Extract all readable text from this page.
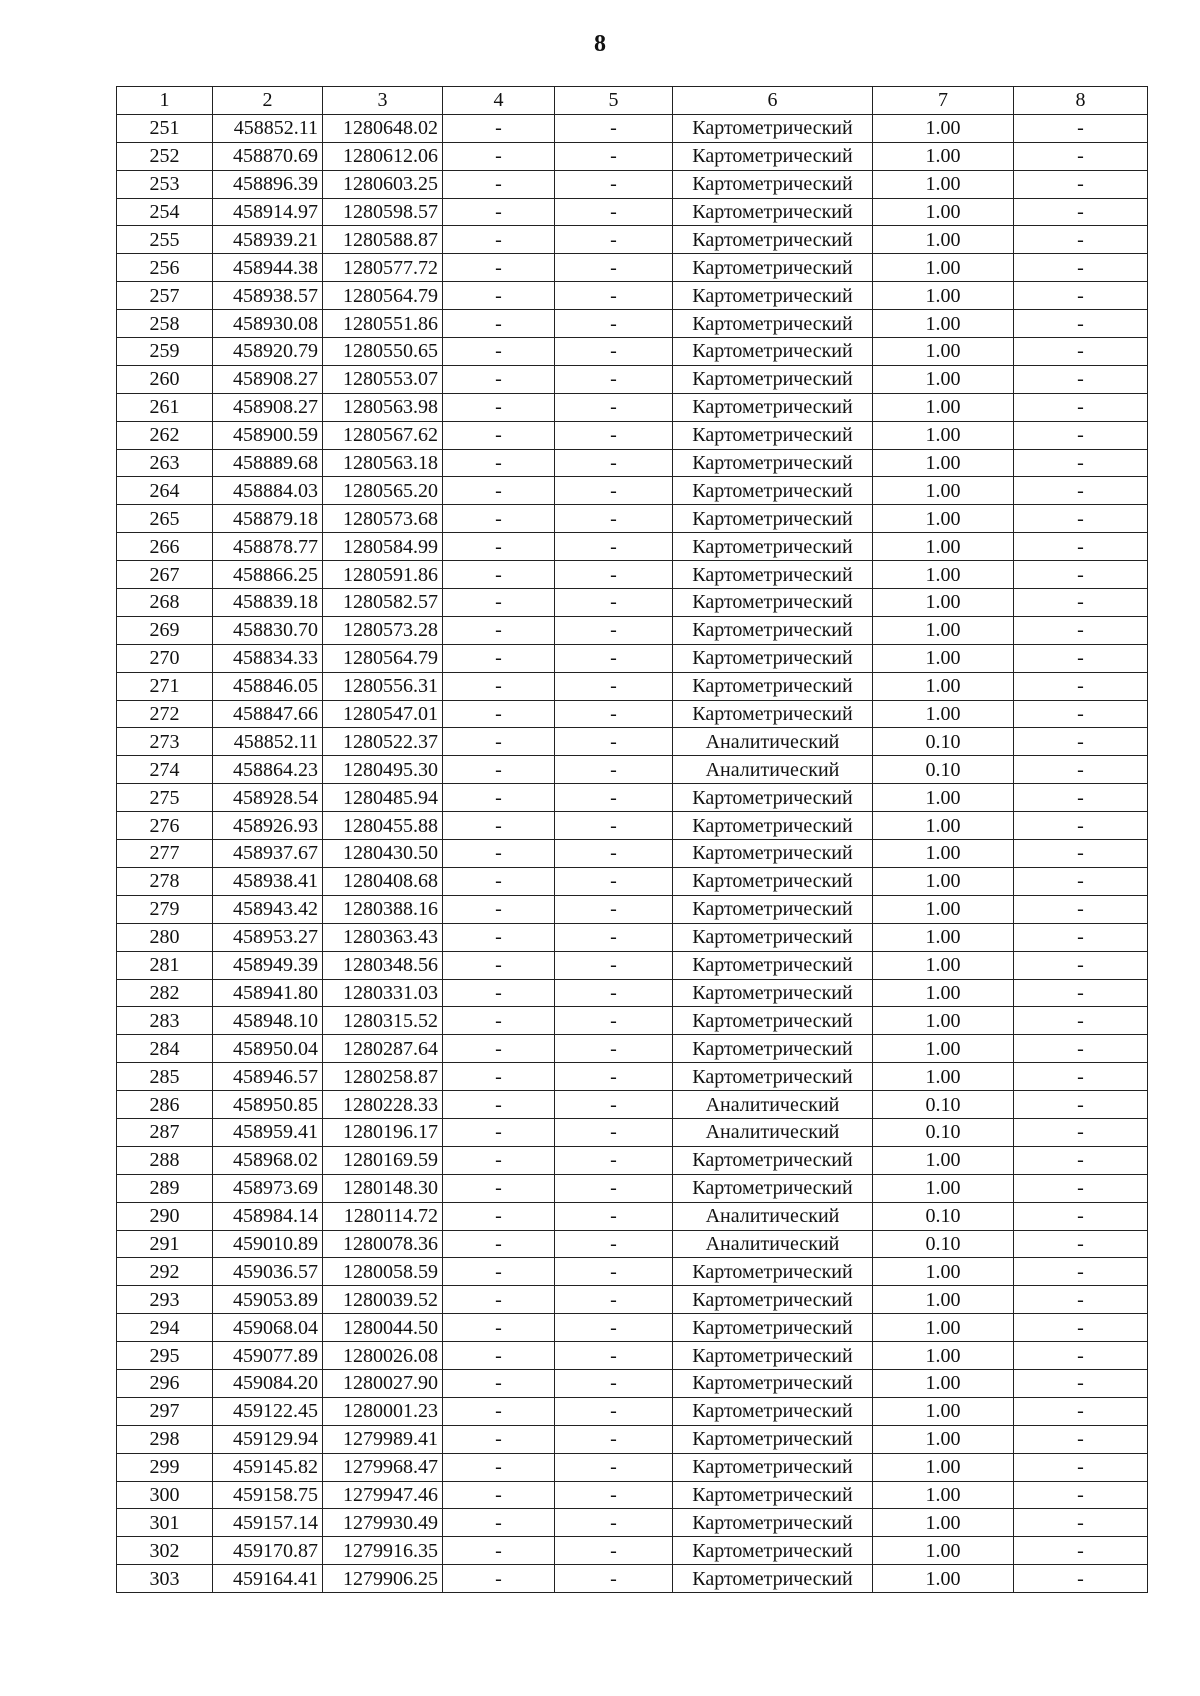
8
1	2	3	4	5	6	7	8
251	458852.11	1280648.02	-	-	Картометрический	1.00	-
252	458870.69	1280612.06	-	-	Картометрический	1.00	-
253	458896.39	1280603.25	-	-	Картометрический	1.00	-
254	458914.97	1280598.57	-	-	Картометрический	1.00	-
255	458939.21	1280588.87	-	-	Картометрический	1.00	-
256	458944.38	1280577.72	-	-	Картометрический	1.00	-
257	458938.57	1280564.79	-	-	Картометрический	1.00	-
258	458930.08	1280551.86	-	-	Картометрический	1.00	-
259	458920.79	1280550.65	-	-	Картометрический	1.00	-
260	458908.27	1280553.07	-	-	Картометрический	1.00	-
261	458908.27	1280563.98	-	-	Картометрический	1.00	-
262	458900.59	1280567.62	-	-	Картометрический	1.00	-
263	458889.68	1280563.18	-	-	Картометрический	1.00	-
264	458884.03	1280565.20	-	-	Картометрический	1.00	-
265	458879.18	1280573.68	-	-	Картометрический	1.00	-
266	458878.77	1280584.99	-	-	Картометрический	1.00	-
267	458866.25	1280591.86	-	-	Картометрический	1.00	-
268	458839.18	1280582.57	-	-	Картометрический	1.00	-
269	458830.70	1280573.28	-	-	Картометрический	1.00	-
270	458834.33	1280564.79	-	-	Картометрический	1.00	-
271	458846.05	1280556.31	-	-	Картометрический	1.00	-
272	458847.66	1280547.01	-	-	Картометрический	1.00	-
273	458852.11	1280522.37	-	-	Аналитический	0.10	-
274	458864.23	1280495.30	-	-	Аналитический	0.10	-
275	458928.54	1280485.94	-	-	Картометрический	1.00	-
276	458926.93	1280455.88	-	-	Картометрический	1.00	-
277	458937.67	1280430.50	-	-	Картометрический	1.00	-
278	458938.41	1280408.68	-	-	Картометрический	1.00	-
279	458943.42	1280388.16	-	-	Картометрический	1.00	-
280	458953.27	1280363.43	-	-	Картометрический	1.00	-
281	458949.39	1280348.56	-	-	Картометрический	1.00	-
282	458941.80	1280331.03	-	-	Картометрический	1.00	-
283	458948.10	1280315.52	-	-	Картометрический	1.00	-
284	458950.04	1280287.64	-	-	Картометрический	1.00	-
285	458946.57	1280258.87	-	-	Картометрический	1.00	-
286	458950.85	1280228.33	-	-	Аналитический	0.10	-
287	458959.41	1280196.17	-	-	Аналитический	0.10	-
288	458968.02	1280169.59	-	-	Картометрический	1.00	-
289	458973.69	1280148.30	-	-	Картометрический	1.00	-
290	458984.14	1280114.72	-	-	Аналитический	0.10	-
291	459010.89	1280078.36	-	-	Аналитический	0.10	-
292	459036.57	1280058.59	-	-	Картометрический	1.00	-
293	459053.89	1280039.52	-	-	Картометрический	1.00	-
294	459068.04	1280044.50	-	-	Картометрический	1.00	-
295	459077.89	1280026.08	-	-	Картометрический	1.00	-
296	459084.20	1280027.90	-	-	Картометрический	1.00	-
297	459122.45	1280001.23	-	-	Картометрический	1.00	-
298	459129.94	1279989.41	-	-	Картометрический	1.00	-
299	459145.82	1279968.47	-	-	Картометрический	1.00	-
300	459158.75	1279947.46	-	-	Картометрический	1.00	-
301	459157.14	1279930.49	-	-	Картометрический	1.00	-
302	459170.87	1279916.35	-	-	Картометрический	1.00	-
303	459164.41	1279906.25	-	-	Картометрический	1.00	-
